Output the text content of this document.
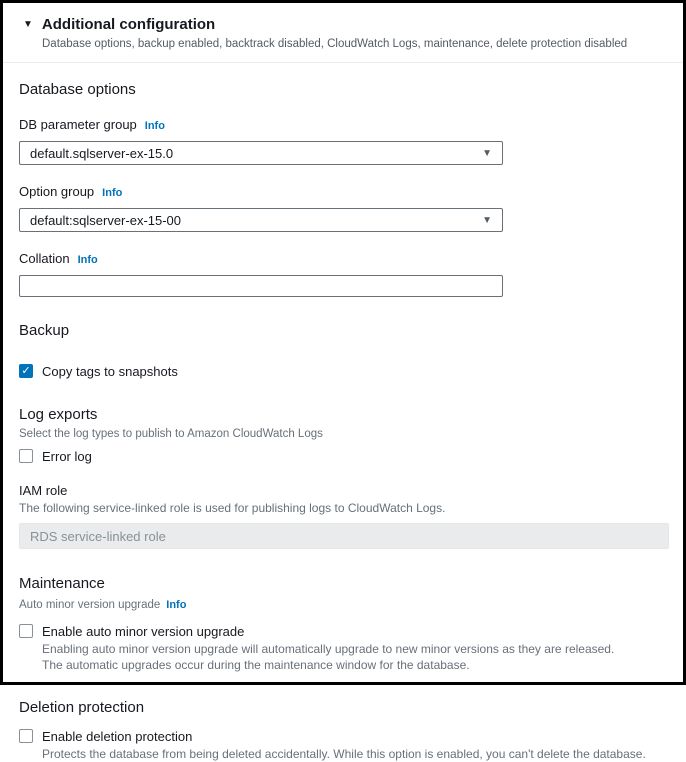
▼ Additional configuration
Database options, backup enabled, backtrack disabled, CloudWatch Logs, maintenance, delete protection disabled
Database options
DB parameter group Info
default.sqlserver-ex-15.0	▼
Option group Info
default:sqlserver-ex-15-00	▼
Collation Info
Backup
✓
Copy tags to snapshots
Log exports
Select the log types to publish to Amazon CloudWatch Logs
Error log
IAM role
The following service-linked role is used for publishing logs to CloudWatch Logs.
RDS service-linked role
Maintenance
Auto minor version upgrade Info
Enable auto minor version upgrade
Enabling auto minor version upgrade will automatically upgrade to new minor versions as they are released.
The automatic upgrades occur during the maintenance window for the database.
Deletion protection
Enable deletion protection
Protects the database from being deleted accidentally. While this option is enabled, you can't delete the database.
